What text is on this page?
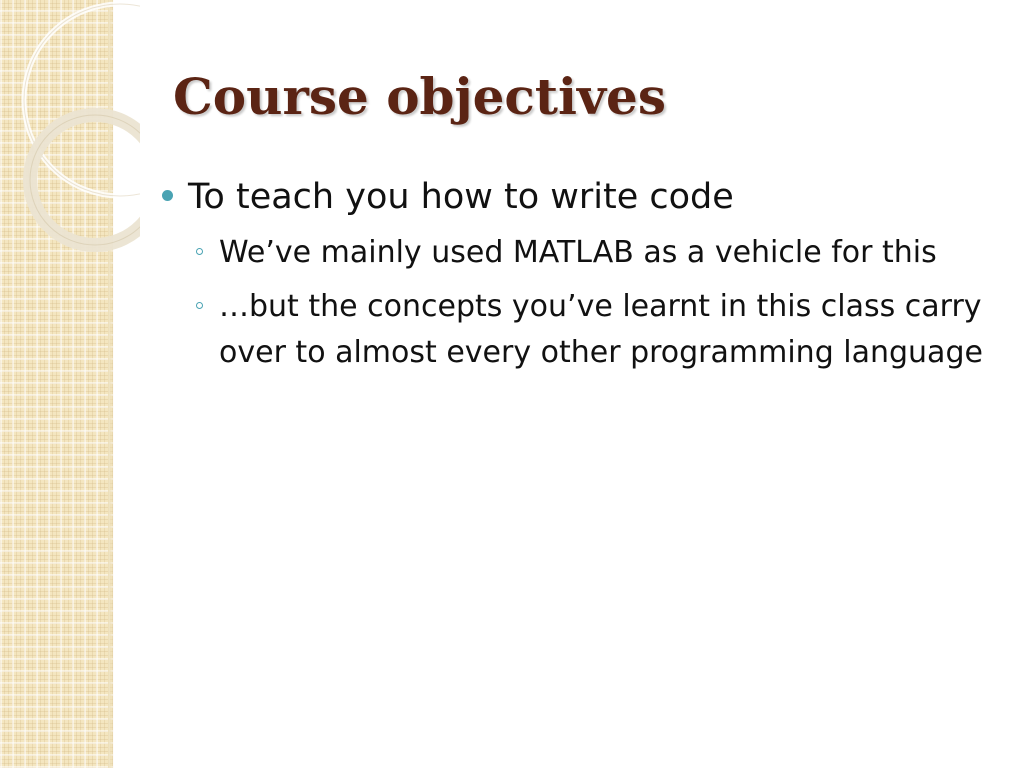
Course objectives
To teach you how to write code
We’ve mainly used MATLAB as a vehicle for this
…but the concepts you’ve learnt in this class carry over to almost every other programming language
